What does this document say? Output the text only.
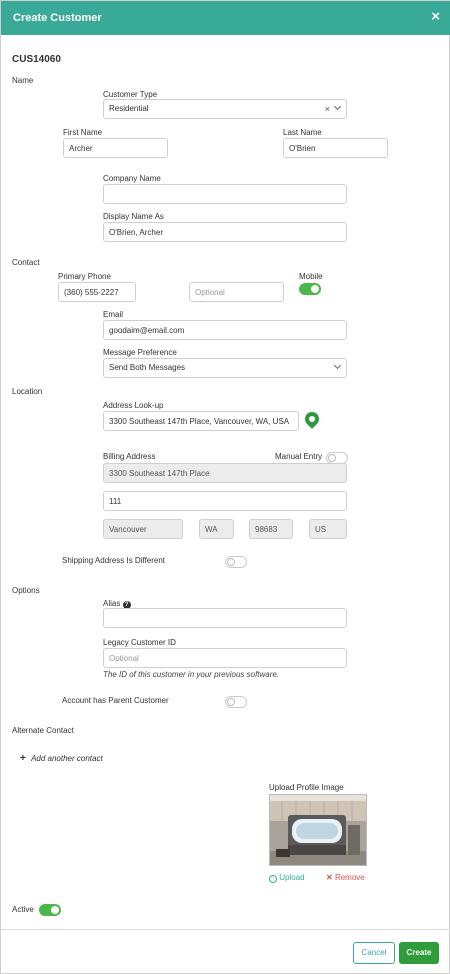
Create Customer	×
CUS14060
Name
Customer Type
Residential	×
First Name
Archer	Last Name
O'Brien
Company Name
Display Name As
O'Brien, Archer
Contact
Primary Phone
(360) 555-2227
Optional	Mobile
Email
goodaim@email.com
Message Preference
Send Both Messages
Location
Address Look-up
3300 Southeast 147th Place, Vancouver, WA, USA
Billing Address	Manual Entry
3300 Southeast 147th Place
111
Vancouver
WA
98683
US
Shipping Address Is Different
Options
Alias ?
Legacy Customer ID
Optional
The ID of this customer in your previous software.
Account has Parent Customer
Alternate Contact
+ Add another contact
Upload Profile Image
↑ Upload	✕ Remove
Active
Cancel	Create
